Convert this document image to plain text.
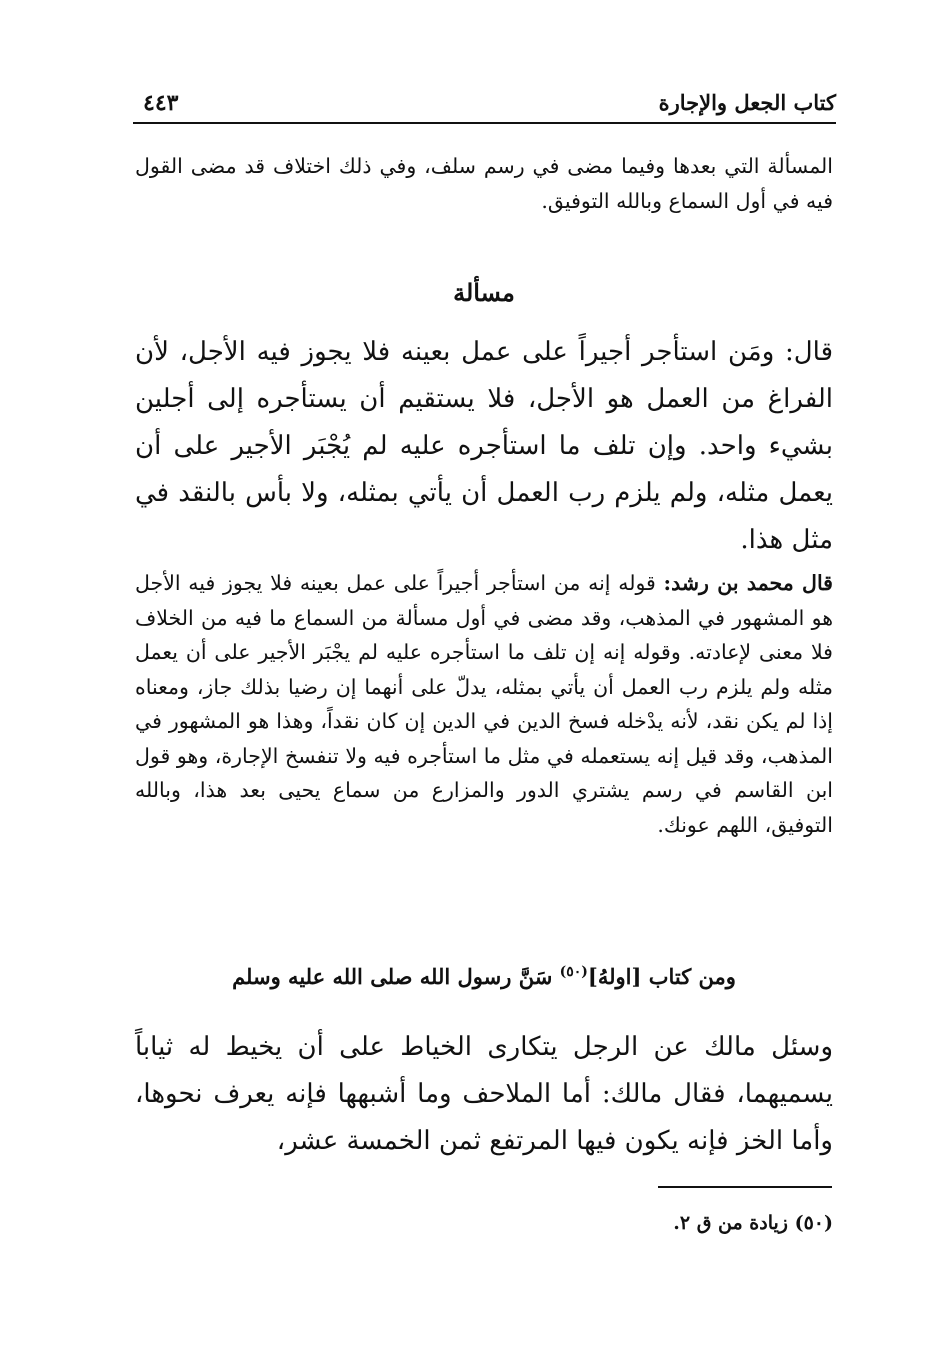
كتاب الجعل والإجارة
٤٤٣

المسألة التي بعدها وفيما مضى في رسم سلف، وفي ذلك اختلاف قد مضى القول فيه في أول السماع وبالله التوفيق.

مسألة

قال: ومَن استأجر أجيراً على عمل بعينه فلا يجوز فيه الأجل، لأن الفراغ من العمل هو الأجل، فلا يستقيم أن يستأجره إلى أجلين بشيء واحد. وإن تلف ما استأجره عليه لم يُجْبَر الأجير على أن يعمل مثله، ولم يلزم رب العمل أن يأتي بمثله، ولا بأس بالنقد في مثل هذا.

قال محمد بن رشد: قوله إنه من استأجر أجيراً على عمل بعينه فلا يجوز فيه الأجل هو المشهور في المذهب، وقد مضى في أول مسألة من السماع ما فيه من الخلاف فلا معنى لإعادته. وقوله إنه إن تلف ما استأجره عليه لم يجْبَر الأجير على أن يعمل مثله ولم يلزم رب العمل أن يأتي بمثله، يدلّ على أنهما إن رضيا بذلك جاز، ومعناه إذا لم يكن نقد، لأنه يدْخله فسخ الدين في الدين إن كان نقداً، وهذا هو المشهور في المذهب، وقد قيل إنه يستعمله في مثل ما استأجره فيه ولا تنفسخ الإجارة، وهو قول ابن القاسم في رسم يشتري الدور والمزارع من سماع يحيى بعد هذا، وبالله التوفيق، اللهم عونك.

ومن كتاب [اولهُ]$^{(٥٠)}$ سَنَّ رسول الله صلى الله عليه وسلم

وسئل مالك عن الرجل يتكارى الخياط على أن يخيط له ثياباً يسميهما، فقال مالك: أما الملاحف وما أشبهها فإنه يعرف نحوها، وأما الخز فإنه يكون فيها المرتفع ثمن الخمسة عشر،

(٥٠) زيادة من ق ٢.
